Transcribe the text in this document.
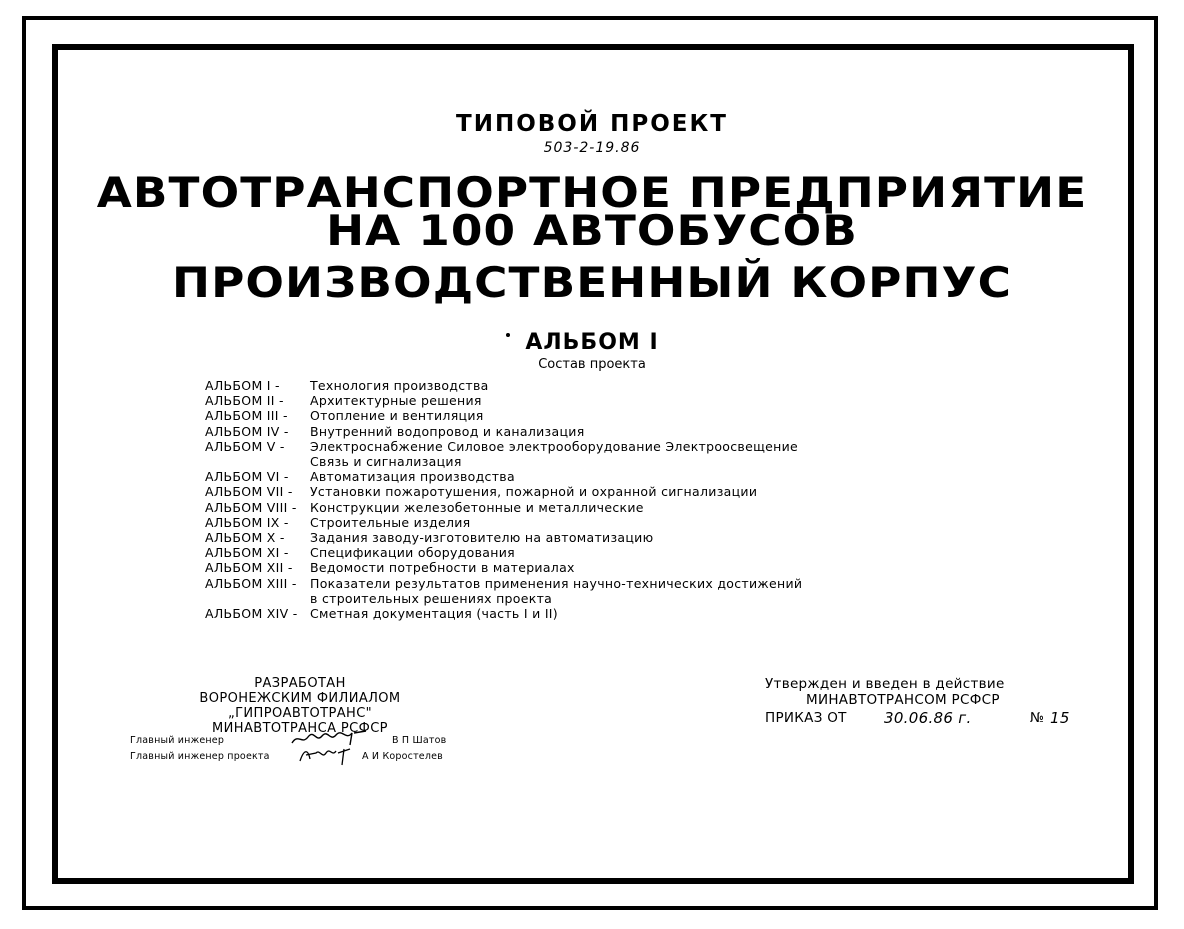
ТИПОВОЙ ПРОЕКТ
503-2-19.86
АВТОТРАНСПОРТНОЕ ПРЕДПРИЯТИЕ
НА 100 АВТОБУСОВ
ПРОИЗВОДСТВЕННЫЙ КОРПУС
АЛЬБОМ I
Состав проекта
АЛЬБОМ I -	Технология производства
АЛЬБОМ II -	Архитектурные решения
АЛЬБОМ III -	Отопление и вентиляция
АЛЬБОМ IV -	Внутренний водопровод и канализация
АЛЬБОМ V -	Электроснабжение Силовое электрооборудование Электроосвещение
Связь и сигнализация
АЛЬБОМ VI -	Автоматизация производства
АЛЬБОМ VII -	Установки пожаротушения, пожарной и охранной сигнализации
АЛЬБОМ VIII -	Конструкции железобетонные и металлические
АЛЬБОМ IX -	Строительные изделия
АЛЬБОМ X -	Задания заводу-изготовителю на автоматизацию
АЛЬБОМ XI -	Спецификации оборудования
АЛЬБОМ XII -	Ведомости потребности в материалах
АЛЬБОМ XIII -	Показатели результатов применения научно-технических достижений
в строительных решениях проекта
АЛЬБОМ XIV - Сметная документация (часть I и II)
РАЗРАБОТАН
ВОРОНЕЖСКИМ ФИЛИАЛОМ „ГИПРОАВТОТРАНС"
МИНАВТОТРАНСА РСФСР
Главный инженер	В П Шатов
Главный инженер проекта	А И Коростелев
Утвержден и введен в действие
МИНАВТОТРАНСОМ РСФСР
ПРИКАЗ ОТ 30.06.86 г.	№ 15
